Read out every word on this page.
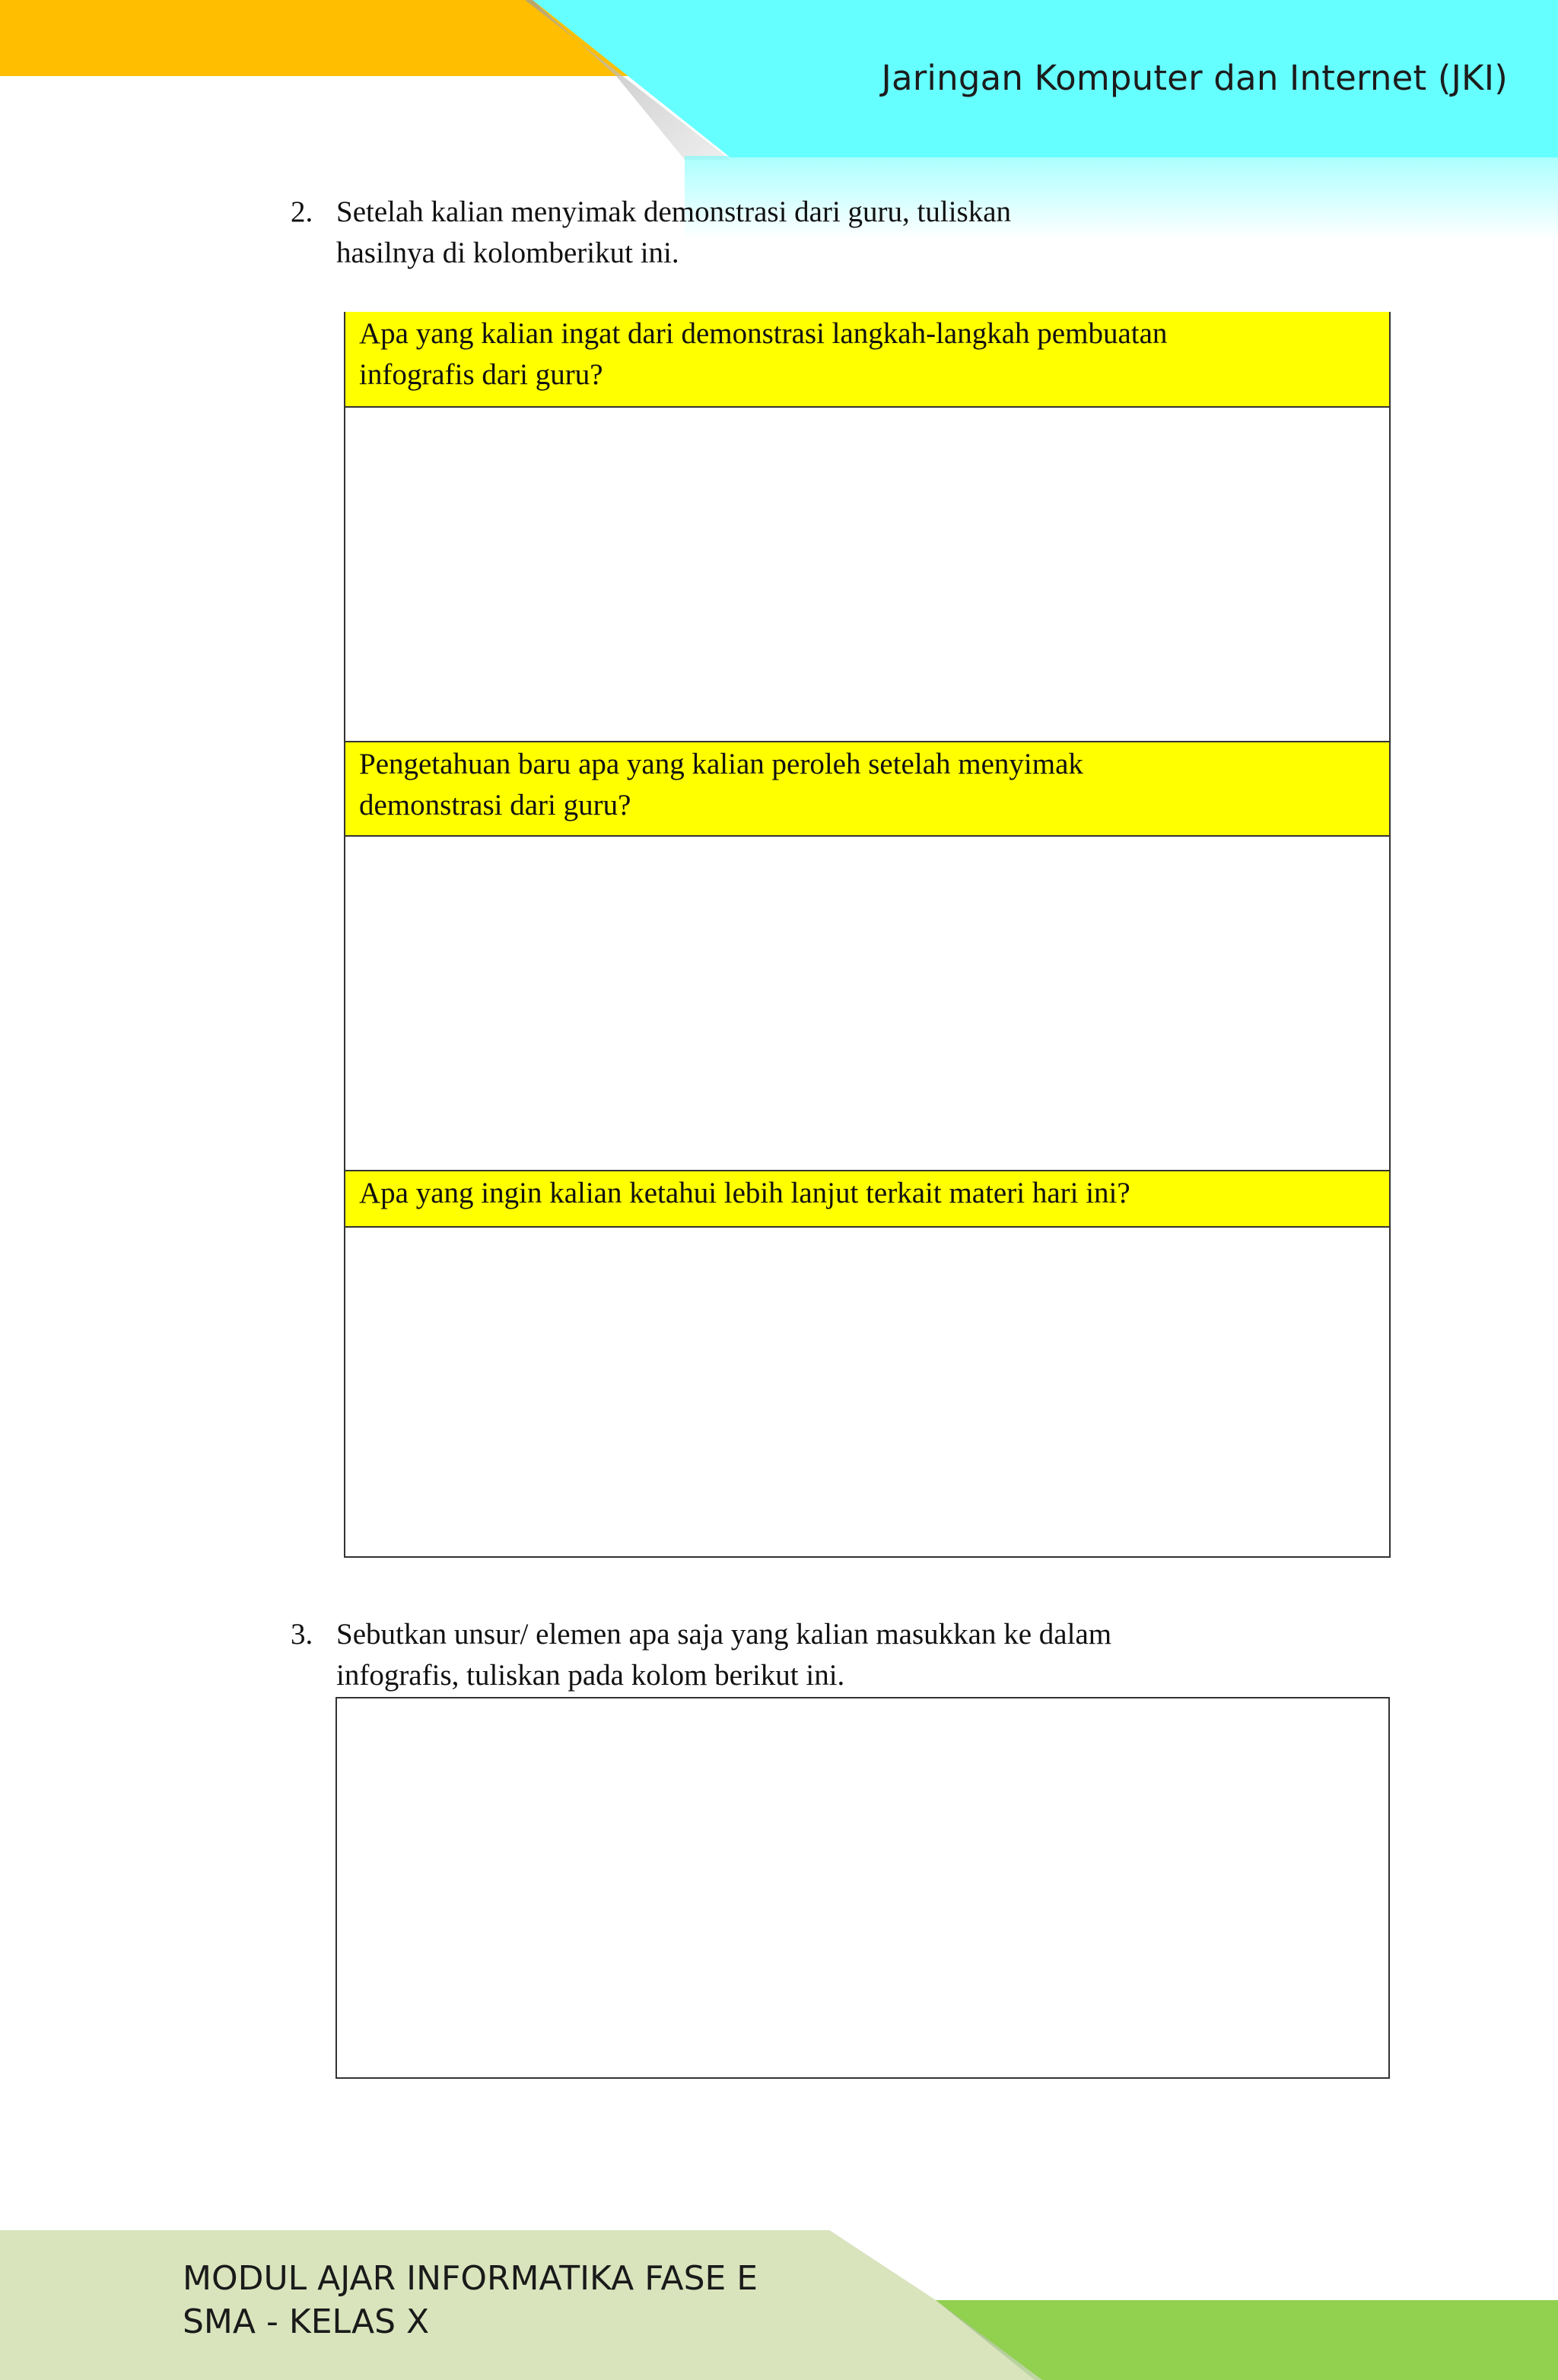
Jaringan Komputer dan Internet (JKI)
2. Setelah kalian menyimak demonstrasi dari guru, tuliskan
hasilnya di kolomberikut ini.
Apa yang kalian ingat dari demonstrasi langkah-langkah pembuatan
infografis dari guru?
Pengetahuan baru apa yang kalian peroleh setelah menyimak
demonstrasi dari guru?
Apa yang ingin kalian ketahui lebih lanjut terkait materi hari ini?
3. Sebutkan unsur/ elemen apa saja yang kalian masukkan ke dalam
infografis, tuliskan pada kolom berikut ini.
MODUL AJAR INFORMATIKA FASE E
SMA - KELAS X
